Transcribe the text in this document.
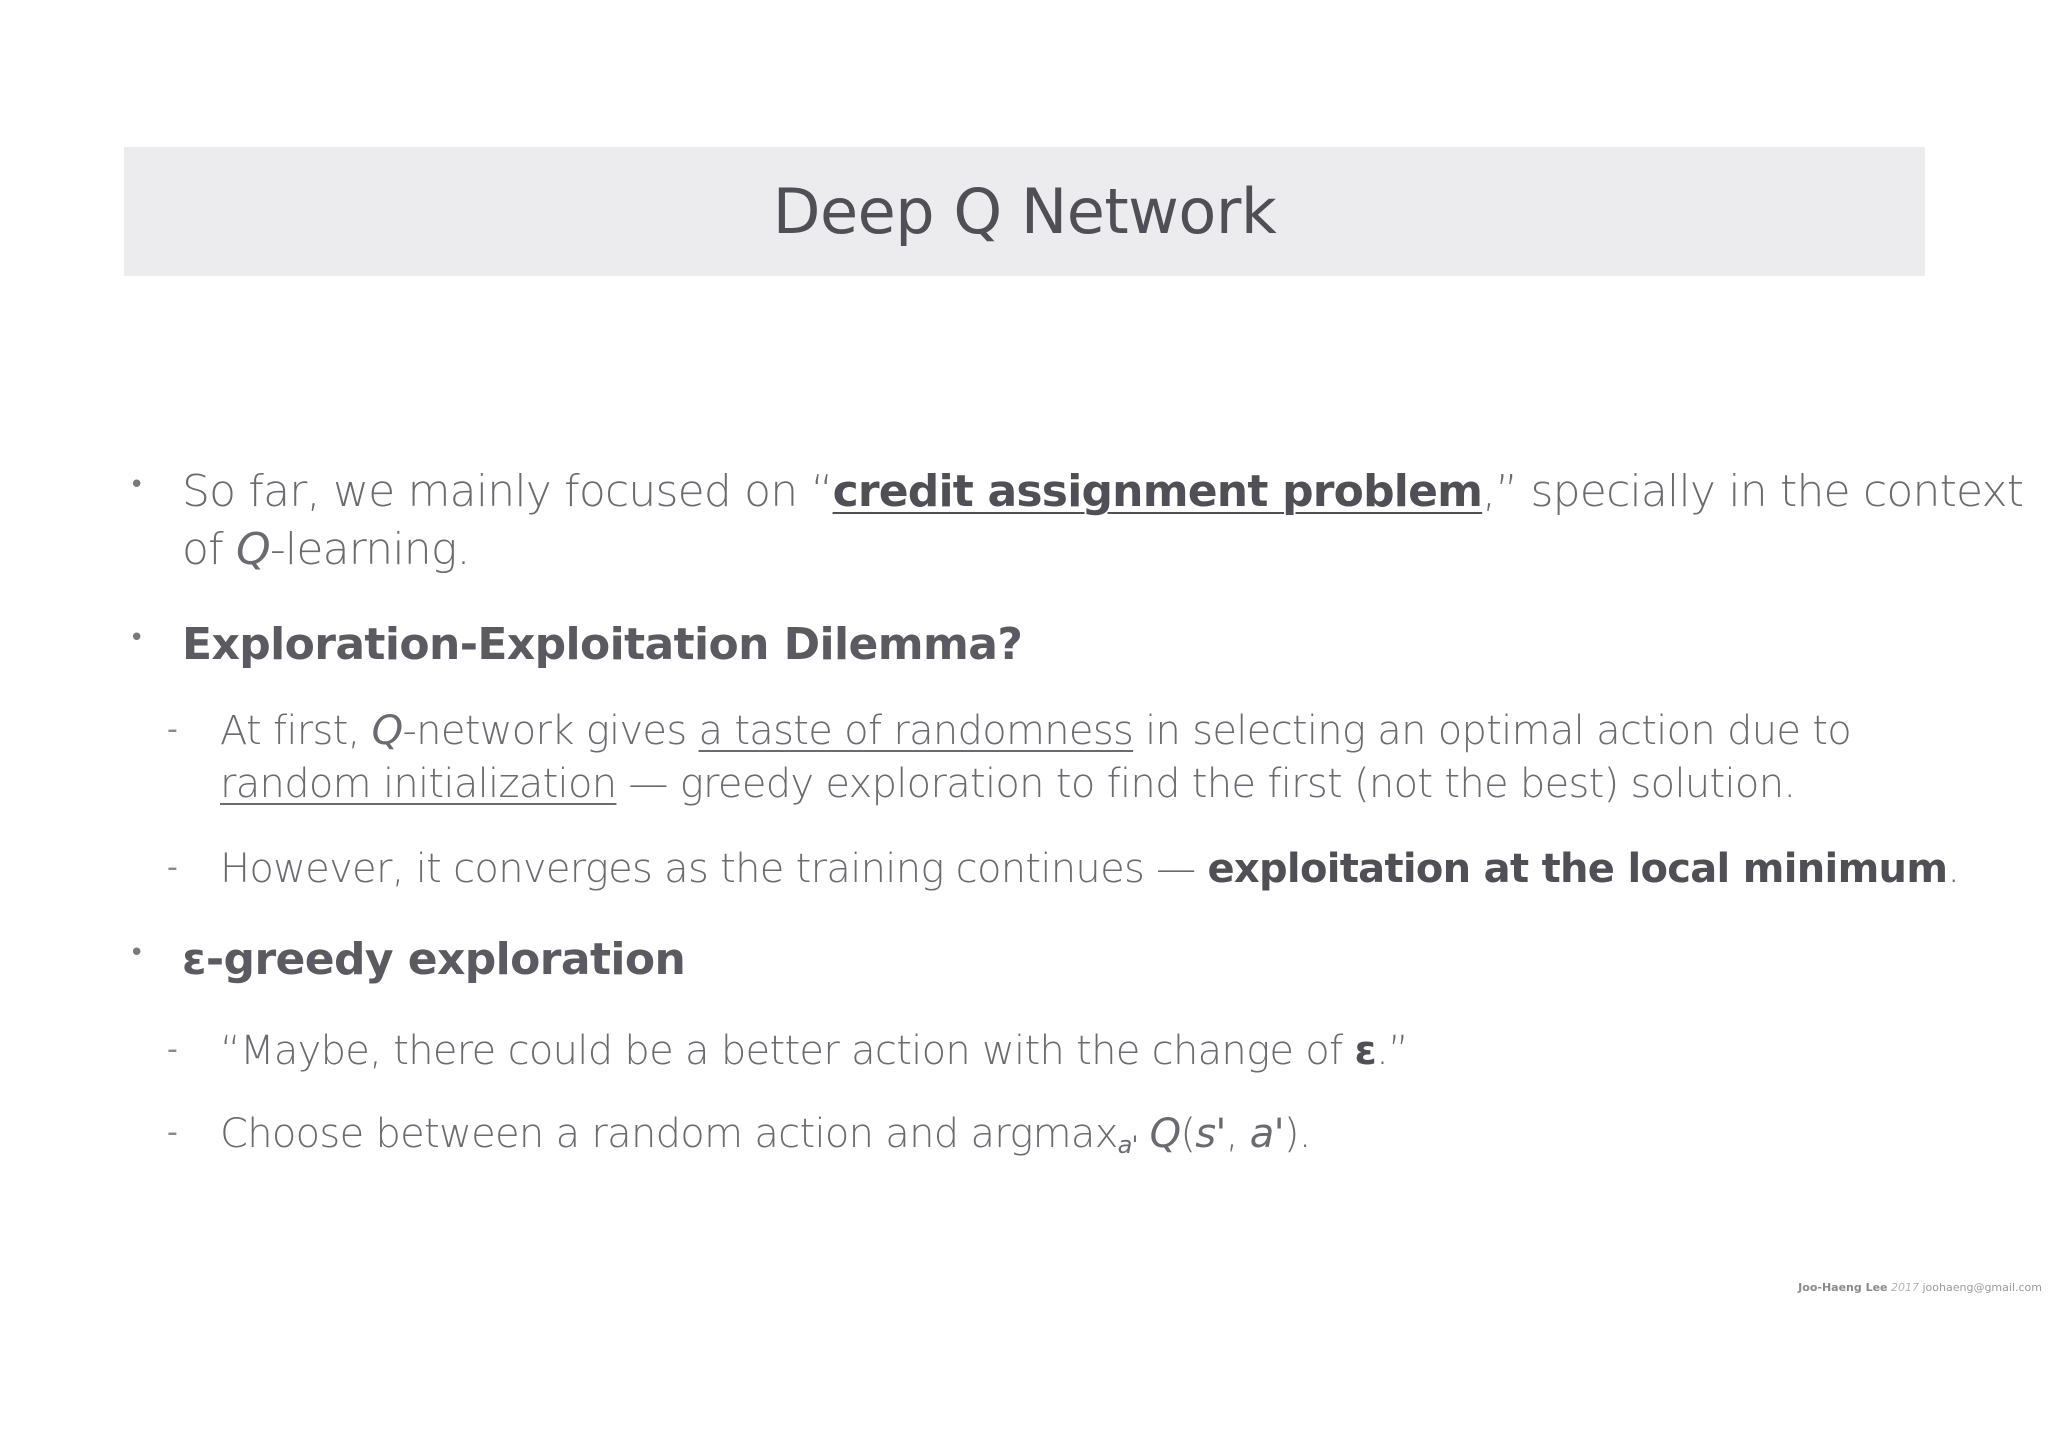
Deep Q Network
• So far, we mainly focused on “credit assignment problem,” specially in the context
of Q-learning.
• Exploration-Exploitation Dilemma?
- At first, Q-network gives a taste of randomness in selecting an optimal action due to
random initialization — greedy exploration to find the first (not the best) solution.
- However, it converges as the training continues — exploitation at the local minimum.
• ε-greedy exploration
- “Maybe, there could be a better action with the change of ε.”
- Choose between a random action and argmax$_{a'}$ Q(s', a').
Joo-Haeng Lee 2017 joohaeng@gmail.com
